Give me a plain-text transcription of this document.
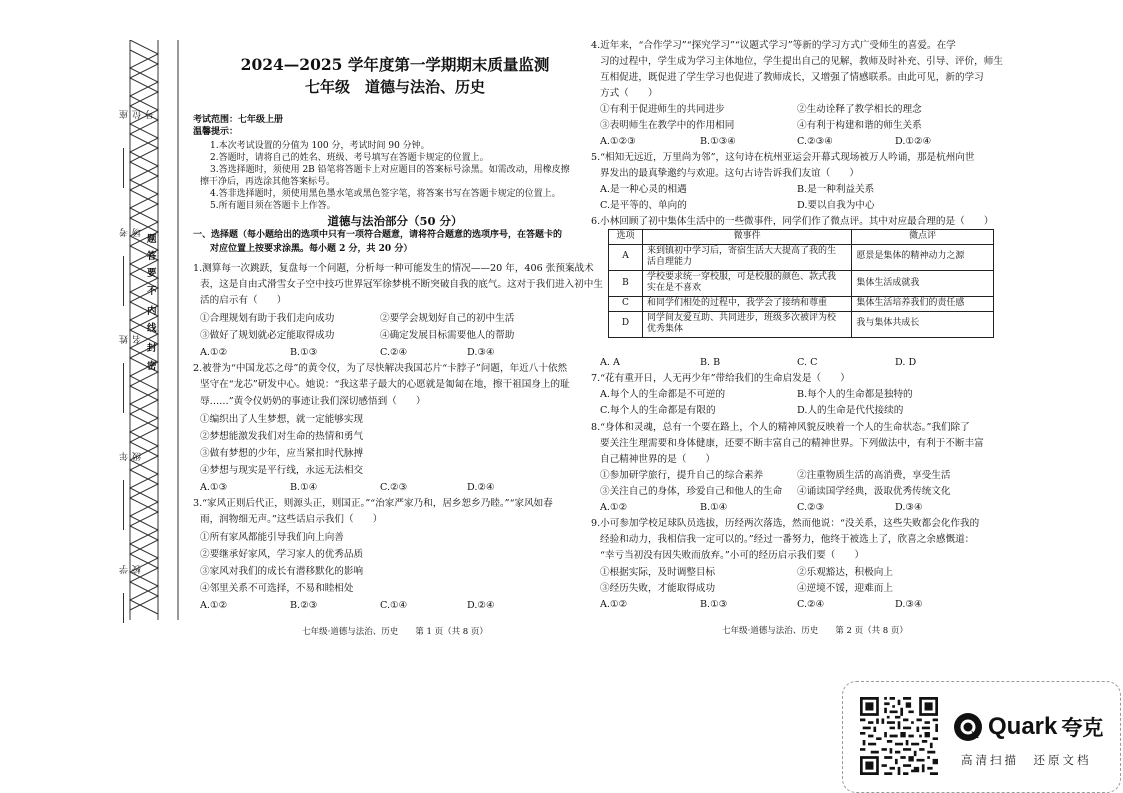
座位号
考场
姓名
年级
学校
题
答
要
不
内
线
封
密
2024—2025 学年度第一学期期末质量监测
七年级　道德与法治、历史
考试范围：七年级上册
温馨提示：
1.本次考试设置的分值为 100 分，考试时间 90 分钟。
2.答题时，请将自己的姓名、班级、考号填写在答题卡规定的位置上。
3.答选择题时，须使用 2B 铅笔将答题卡上对应题目的答案标号涂黑。如需改动，用橡皮擦
擦干净后，再选涂其他答案标号。
4.答非选择题时，须使用黑色墨水笔或黑色签字笔，将答案书写在答题卡规定的位置上。
5.所有题目须在答题卡上作答。
道德与法治部分（50 分）
一、选择题（每小题给出的选项中只有一项符合题意，请将符合题意的选项序号，在答题卡的
对应位置上按要求涂黑。每小题 2 分，共 20 分）
1.测算每一次跳跃，复盘每一个问题，分析每一种可能发生的情况——20 年，406 张预案战术
表，这是自由式滑雪女子空中技巧世界冠军徐梦桃不断突破自我的底气。这对于我们进入初中生
活的启示有（　　）
①合理规划有助于我们走向成功	②要学会规划好自己的初中生活
③做好了规划就必定能取得成功	④确定发展目标需要他人的帮助
A.①②	B.①③	C.②④	D.③④
2.被誉为“中国龙芯之母”的黄令仪，为了尽快解决我国芯片“卡脖子”问题，年近八十依然
坚守在“龙芯”研发中心。她说：“我这辈子最大的心愿就是匍匐在地，擦干祖国身上的耻
辱……”黄令仪奶奶的事迹让我们深切感悟到（　　）
①编织出了人生梦想，就一定能够实现
②梦想能激发我们对生命的热情和勇气
③做有梦想的少年，应当紧扣时代脉搏
④梦想与现实是平行线，永远无法相交
A.①③	B.①④	C.②③	D.②④
3.“家风正则后代正，则源头正，则国正。”“治家严家乃和，居乡恕乡乃睦。”“家风如春
雨，润物细无声。”这些话启示我们（　　）
①所有家风都能引导我们向上向善
②要继承好家风，学习家人的优秀品质
③家风对我们的成长有潜移默化的影响
④邻里关系不可选择，不易和睦相处
A.①②	B.②③	C.①④	D.②④
七年级·道德与法治、历史　　第 1 页（共 8 页）
4.近年来，“合作学习”“探究学习”“议题式学习”等新的学习方式广受师生的喜爱。在学
习的过程中，学生成为学习主体地位，学生提出自己的见解，教师及时补充、引导、评价，师生
互相促进，既促进了学生学习也促进了教师成长，又增强了情感联系。由此可见，新的学习
方式（　　）
①有利于促进师生的共同进步	②生动诠释了教学相长的理念
③表明师生在教学中的作用相同	④有利于构建和谐的师生关系
A.①②③	B.①③④	C.②③④	D.①②④
5.“相知无远近，万里尚为邻”，这句诗在杭州亚运会开幕式现场被万人吟诵，那是杭州向世
界发出的最真挚邀约与欢迎。这句古诗告诉我们友谊（　　）
A.是一种心灵的相遇	B.是一种利益关系
C.是平等的、单向的	D.要以自我为中心
6.小林回顾了初中集体生活中的一些微事件，同学们作了微点评。其中对应最合理的是（　　）
选项	微事件	微点评
A	来到镇初中学习后，寄宿生活大大提高了我的生
活自理能力	愿景是集体的精神动力之源
B	学校要求统一穿校服，可是校服的颜色、款式我
实在是不喜欢	集体生活成就我
C	和同学们相处的过程中，我学会了接纳和尊重	集体生活培养我们的责任感
D	同学间友爱互助、共同进步，班级多次被评为校
优秀集体	我与集体共成长
A. A	B. B	C. C	D. D
7.“花有重开日，人无再少年”带给我们的生命启发是（　　）
A.每个人的生命都是不可逆的	B.每个人的生命都是独特的
C.每个人的生命都是有限的	D.人的生命是代代接续的
8.“身体和灵魂，总有一个要在路上，个人的精神风貌反映着一个人的生命状态。”我们除了
要关注生理需要和身体健康，还要不断丰富自己的精神世界。下列做法中，有利于不断丰富
自己精神世界的是（　　）
①参加研学旅行，提升自己的综合素养	②注重物质生活的高消费，享受生活
③关注自己的身体，珍爱自己和他人的生命 ④诵读国学经典，汲取优秀传统文化
A.①②	B.①④	C.②③	D.③④
9.小可参加学校足球队员选拔，历经两次落选，然而他说：“没关系，这些失败都会化作我的
经验和动力，我相信我一定可以的。”经过一番努力，他终于被选上了，欣喜之余感慨道：
“幸亏当初没有因失败而放弃。”小可的经历启示我们要（　　）
①根据实际，及时调整目标	②乐观豁达，积极向上
③经历失败，才能取得成功	④逆境不馁，迎难而上
A.①②	B.①③	C.②④	D.③④
七年级·道德与法治、历史　　第 2 页（共 8 页）
Quark 夸克
高清扫描　还原文档
